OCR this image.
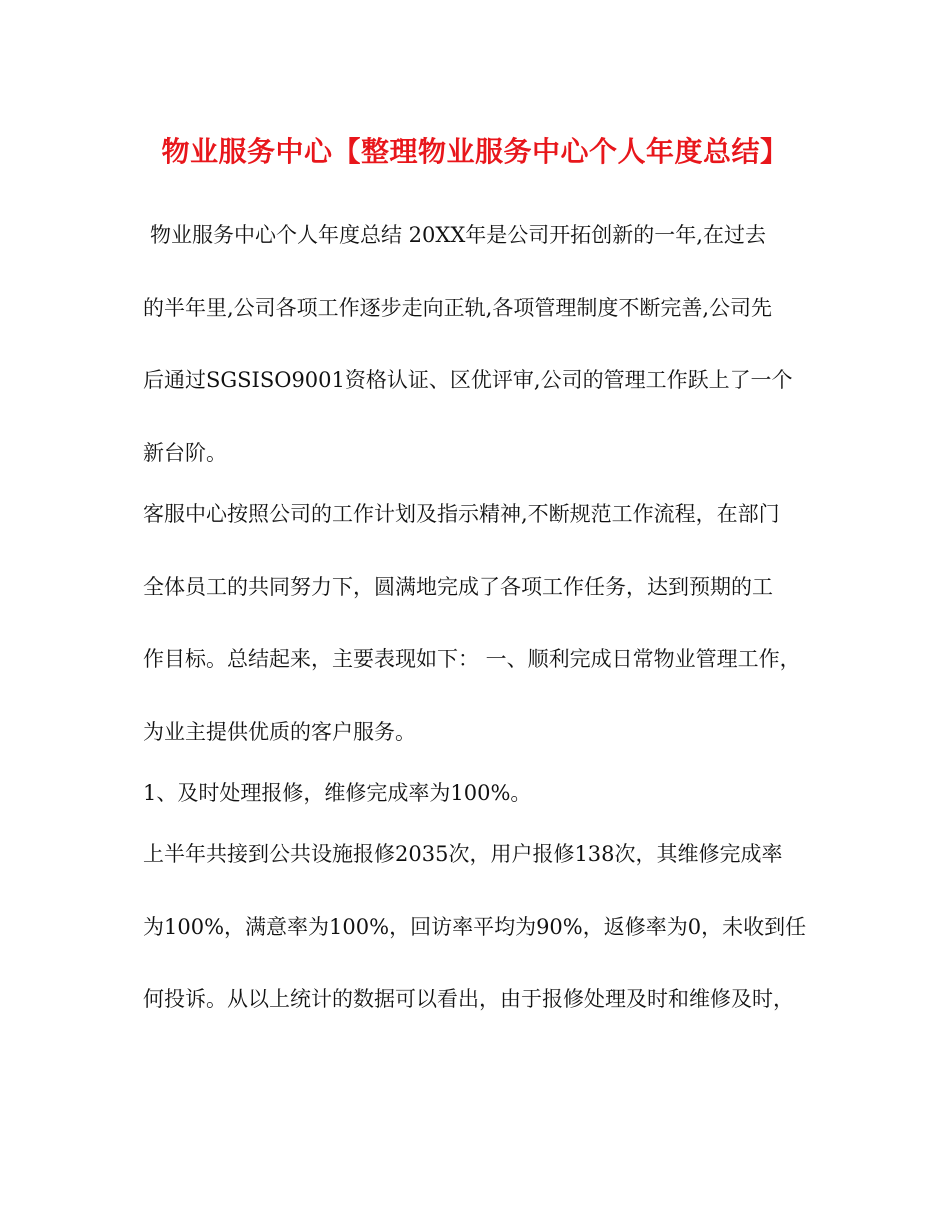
物业服务中心【整理物业服务中心个人年度总结】
物业服务中心个人年度总结 20XX年是公司开拓创新的一年,在过去
的半年里,公司各项工作逐步走向正轨,各项管理制度不断完善,公司先
后通过SGSISO9001资格认证、区优评审,公司的管理工作跃上了一个
新台阶。
客服中心按照公司的工作计划及指示精神,不断规范工作流程，在部门
全体员工的共同努力下，圆满地完成了各项工作任务，达到预期的工
作目标。总结起来，主要表现如下： 一、顺利完成日常物业管理工作，
为业主提供优质的客户服务。
1、及时处理报修，维修完成率为100%。
上半年共接到公共设施报修2035次，用户报修138次，其维修完成率
为100%，满意率为100%，回访率平均为90%，返修率为0，未收到任
何投诉。从以上统计的数据可以看出，由于报修处理及时和维修及时，
